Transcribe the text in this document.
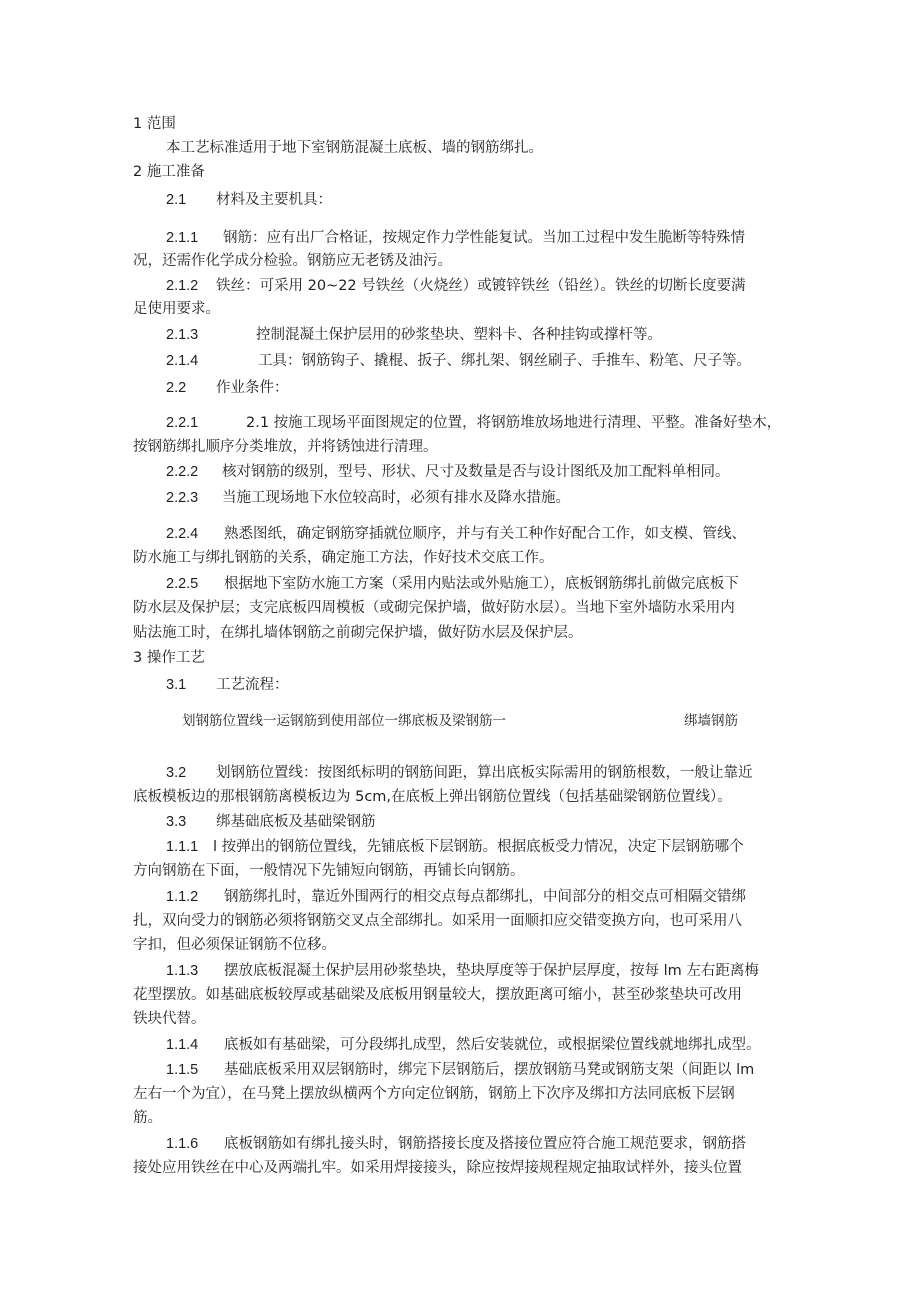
1 范围
本工艺标准适用于地下室钢筋混凝土底板、墙的钢筋绑扎。
2 施工准备
2.1 材料及主要机具：
2.1.1 钢筋：应有出厂合格证，按规定作力学性能复试。当加工过程中发生脆断等特殊情
况，还需作化学成分检验。钢筋应无老锈及油污。
2.1.2 铁丝：可采用 20~22 号铁丝（火烧丝）或镀锌铁丝（铅丝）。铁丝的切断长度要满
足使用要求。
2.1.3	控制混凝土保护层用的砂浆垫块、塑料卡、各种挂钩或撑杆等。
2.1.4	工具：钢筋钩子、撬棍、扳子、绑扎架、钢丝刷子、手推车、粉笔、尺子等。
2.2 作业条件：
2.2.1	2.1 按施工现场平面图规定的位置，将钢筋堆放场地进行清理、平整。准备好垫木，
按钢筋绑扎顺序分类堆放，并将锈蚀进行清理。
2.2.2 核对钢筋的级别，型号、形状、尺寸及数量是否与设计图纸及加工配料单相同。
2.2.3 当施工现场地下水位较高时，必须有排水及降水措施。
2.2.4 熟悉图纸，确定钢筋穿插就位顺序，并与有关工种作好配合工作，如支模、管线、
防水施工与绑扎钢筋的关系，确定施工方法，作好技术交底工作。
2.2.5 根据地下室防水施工方案（采用内贴法或外贴施工），底板钢筋绑扎前做完底板下
防水层及保护层；支完底板四周模板（或砌完保护墙，做好防水层）。当地下室外墙防水采用内
贴法施工时，在绑扎墙体钢筋之前砌完保护墙，做好防水层及保护层。
3 操作工艺
3.1 工艺流程：
划钢筋位置线一运钢筋到使用部位一绑底板及梁钢筋一	绑墙钢筋
3.2 划钢筋位置线：按图纸标明的钢筋间距，算出底板实际需用的钢筋根数，一般让靠近
底板模板边的那根钢筋离模板边为 5cm,在底板上弹出钢筋位置线（包括基础梁钢筋位置线）。
3.3 绑基础底板及基础梁钢筋
1.1.1 l 按弹出的钢筋位置线，先铺底板下层钢筋。根据底板受力情况，决定下层钢筋哪个
方向钢筋在下面，一般情况下先铺短向钢筋，再铺长向钢筋。
1.1.2 钢筋绑扎时，靠近外围两行的相交点每点都绑扎，中间部分的相交点可相隔交错绑
扎，双向受力的钢筋必须将钢筋交叉点全部绑扎。如采用一面顺扣应交错变换方向，也可采用八
字扣，但必须保证钢筋不位移。
1.1.3 摆放底板混凝土保护层用砂浆垫块，垫块厚度等于保护层厚度，按每 lm 左右距离梅
花型摆放。如基础底板较厚或基础梁及底板用钢量较大，摆放距离可缩小，甚至砂浆垫块可改用
铁块代替。
1.1.4 底板如有基础梁，可分段绑扎成型，然后安装就位，或根据梁位置线就地绑扎成型。
1.1.5 基础底板采用双层钢筋时，绑完下层钢筋后，摆放钢筋马凳或钢筋支架（间距以 lm
左右一个为宜），在马凳上摆放纵横两个方向定位钢筋，钢筋上下次序及绑扣方法同底板下层钢
筋。
1.1.6 底板钢筋如有绑扎接头时，钢筋搭接长度及搭接位置应符合施工规范要求，钢筋搭
接处应用铁丝在中心及两端扎牢。如采用焊接接头，除应按焊接规程规定抽取试样外，接头位置
